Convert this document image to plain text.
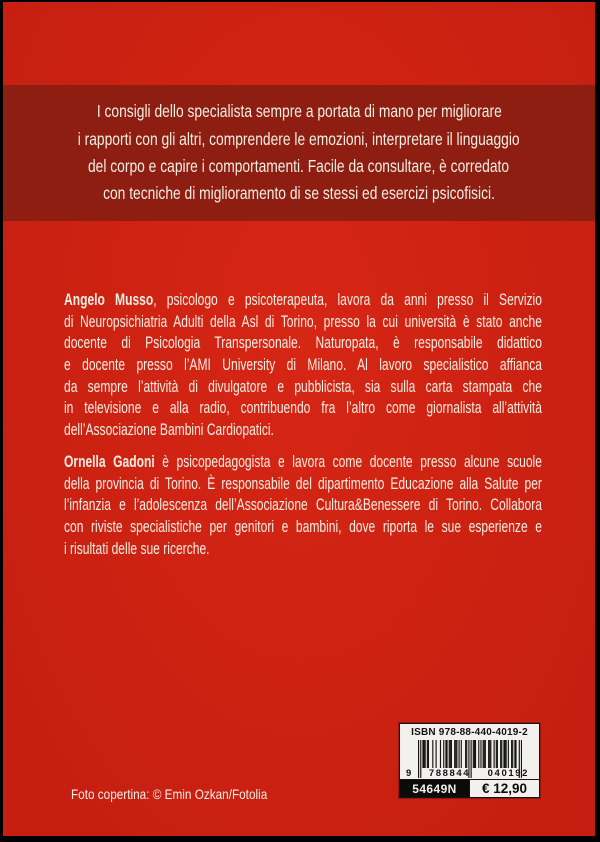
I consigli dello specialista sempre a portata di mano per migliorare
i rapporti con gli altri, comprendere le emozioni, interpretare il linguaggio
del corpo e capire i comportamenti. Facile da consultare, è corredato
con tecniche di miglioramento di se stessi ed esercizi psicofisici.
Angelo Musso, psicologo e psicoterapeuta, lavora da anni presso il Servizio
di Neuropsichiatria Adulti della Asl di Torino, presso la cui università è stato anche
docente di Psicologia Transpersonale. Naturopata, è responsabile didattico
e docente presso l’AMI University di Milano. Al lavoro specialistico affianca
da sempre l’attività di divulgatore e pubblicista, sia sulla carta stampata che
in televisione e alla radio, contribuendo fra l’altro come giornalista all’attività
dell’Associazione Bambini Cardiopatici.
Ornella Gadoni è psicopedagogista e lavora come docente presso alcune scuole
della provincia di Torino. È responsabile del dipartimento Educazione alla Salute per
l’infanzia e l’adolescenza dell’Associazione Cultura&Benessere di Torino. Collabora
con riviste specialistiche per genitori e bambini, dove riporta le sue esperienze e
i risultati delle sue ricerche.
Foto copertina: © Emin Ozkan/Fotolia
ISBN 978-88-440-4019-2
9 788844 040192
54649N	€ 12,90
